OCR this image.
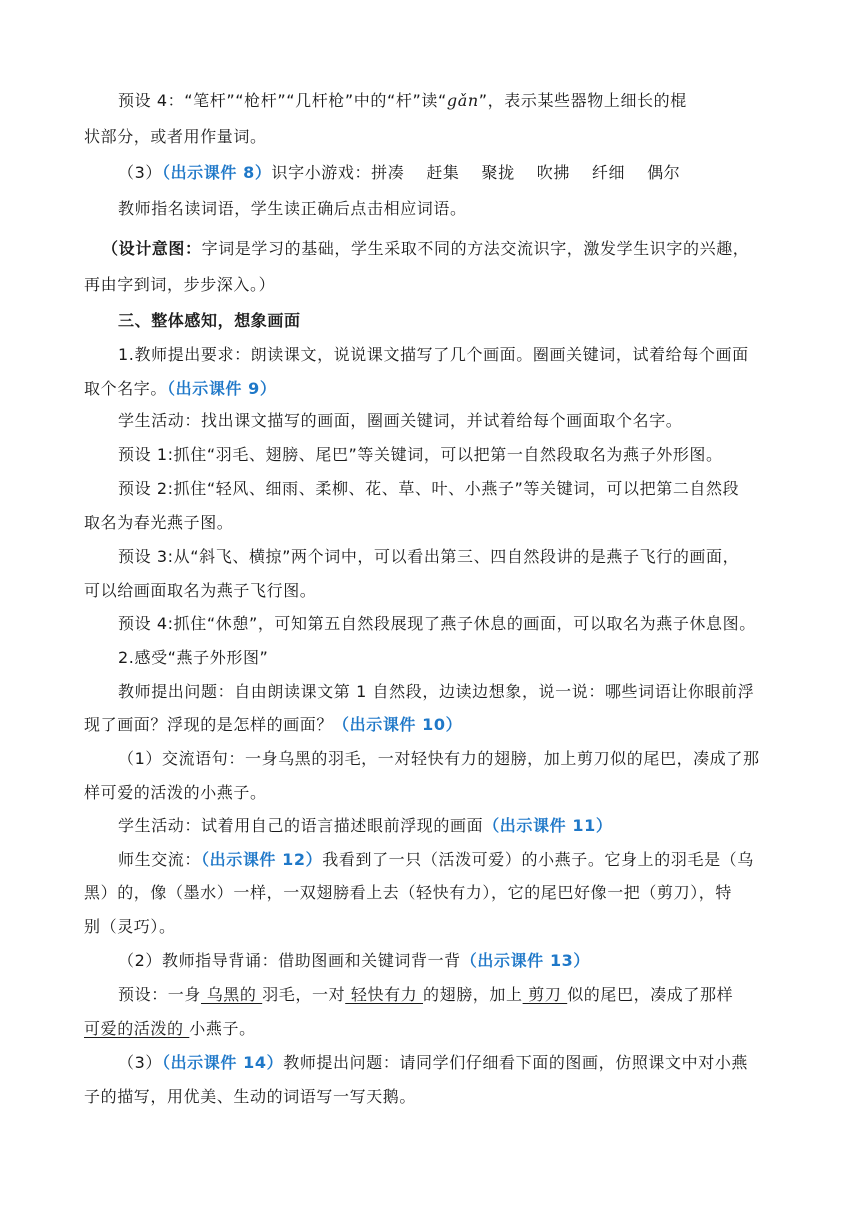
预设 4：“笔杆”“枪杆”“几杆枪”中的“杆”读“gǎn”，表示某些器物上细长的棍
状部分，或者用作量词。
（3）（出示课件 8）识字小游戏：拼凑 赶集 聚拢 吹拂 纤细 偶尔
教师指名读词语，学生读正确后点击相应词语。
（设计意图：字词是学习的基础，学生采取不同的方法交流识字，激发学生识字的兴趣，
再由字到词，步步深入。）
三、整体感知，想象画面
1.教师提出要求：朗读课文，说说课文描写了几个画面。圈画关键词，试着给每个画面
取个名字。（出示课件 9）
学生活动：找出课文描写的画面，圈画关键词，并试着给每个画面取个名字。
预设 1:抓住“羽毛、翅膀、尾巴”等关键词，可以把第一自然段取名为燕子外形图。
预设 2:抓住“轻风、细雨、柔柳、花、草、叶、小燕子”等关键词，可以把第二自然段
取名为春光燕子图。
预设 3:从“斜飞、横掠”两个词中，可以看出第三、四自然段讲的是燕子飞行的画面，
可以给画面取名为燕子飞行图。
预设 4:抓住“休憩”，可知第五自然段展现了燕子休息的画面，可以取名为燕子休息图。
2.感受“燕子外形图”
教师提出问题：自由朗读课文第 1 自然段，边读边想象，说一说：哪些词语让你眼前浮
现了画面？浮现的是怎样的画面？（出示课件 10）
（1）交流语句：一身乌黑的羽毛，一对轻快有力的翅膀，加上剪刀似的尾巴，凑成了那
样可爱的活泼的小燕子。
学生活动：试着用自己的语言描述眼前浮现的画面（出示课件 11）
师生交流：（出示课件 12）我看到了一只（活泼可爱）的小燕子。它身上的羽毛是（乌
黑）的，像（墨水）一样，一双翅膀看上去（轻快有力），它的尾巴好像一把（剪刀），特
别（灵巧）。
（2）教师指导背诵：借助图画和关键词背一背（出示课件 13）
预设：一身 乌黑的 羽毛，一对 轻快有力 的翅膀，加上 剪刀 似的尾巴，凑成了那样
可爱的活泼的 小燕子。
（3）（出示课件 14）教师提出问题：请同学们仔细看下面的图画，仿照课文中对小燕
子的描写，用优美、生动的词语写一写天鹅。
